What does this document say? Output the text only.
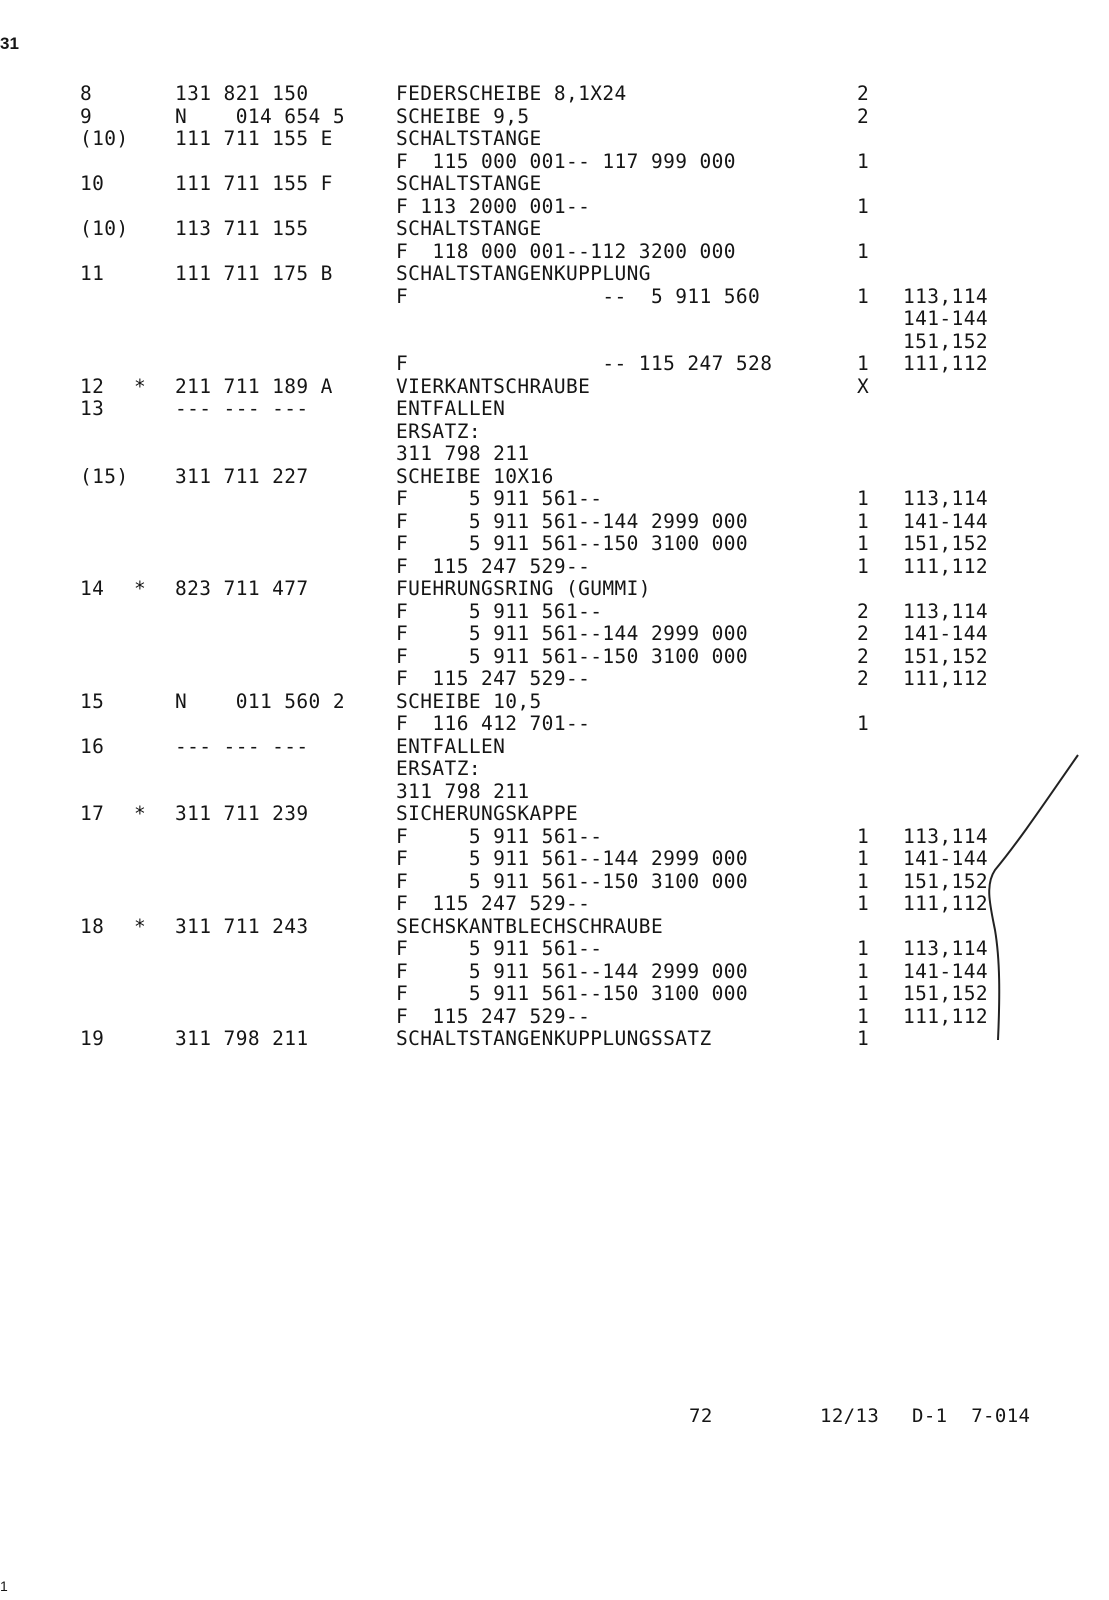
31
8	131 821 150	FEDERSCHEIBE 8,1X24	2
9	N    014 654 5	SCHEIBE 9,5	2
(10)	111 711 155 E	SCHALTSTANGE
F  115 000 001-- 117 999 000	1
10	111 711 155 F	SCHALTSTANGE
F 113 2000 001--	1
(10)	113 711 155	SCHALTSTANGE
F  118 000 001--112 3200 000	1
11	111 711 175 B	SCHALTSTANGENKUPPLUNG
F                --  5 911 560	1 113,114
141-144
151,152
F                -- 115 247 528	1 111,112
12	* 211 711 189 A	VIERKANTSCHRAUBE	X
13	--- --- ---	ENTFALLEN
ERSATZ:
311 798 211
(15)	311 711 227	SCHEIBE 10X16
F     5 911 561--	1 113,114
F     5 911 561--144 2999 000	1 141-144
F     5 911 561--150 3100 000	1 151,152
F  115 247 529--	1 111,112
14	* 823 711 477	FUEHRUNGSRING (GUMMI)
F     5 911 561--	2 113,114
F     5 911 561--144 2999 000	2 141-144
F     5 911 561--150 3100 000	2 151,152
F  115 247 529--	2 111,112
15	N    011 560 2	SCHEIBE 10,5
F  116 412 701--	1
16	--- --- ---	ENTFALLEN
ERSATZ:
311 798 211
17	* 311 711 239	SICHERUNGSKAPPE
F     5 911 561--	1 113,114
F     5 911 561--144 2999 000	1 141-144
F     5 911 561--150 3100 000	1 151,152
F  115 247 529--	1 111,112
18	* 311 711 243	SECHSKANTBLECHSCHRAUBE
F     5 911 561--	1 113,114
F     5 911 561--144 2999 000	1 141-144
F     5 911 561--150 3100 000	1 151,152
F  115 247 529--	1 111,112
19	311 798 211	SCHALTSTANGENKUPPLUNGSSATZ	1

72

	12/13

D-1  7-014

1
